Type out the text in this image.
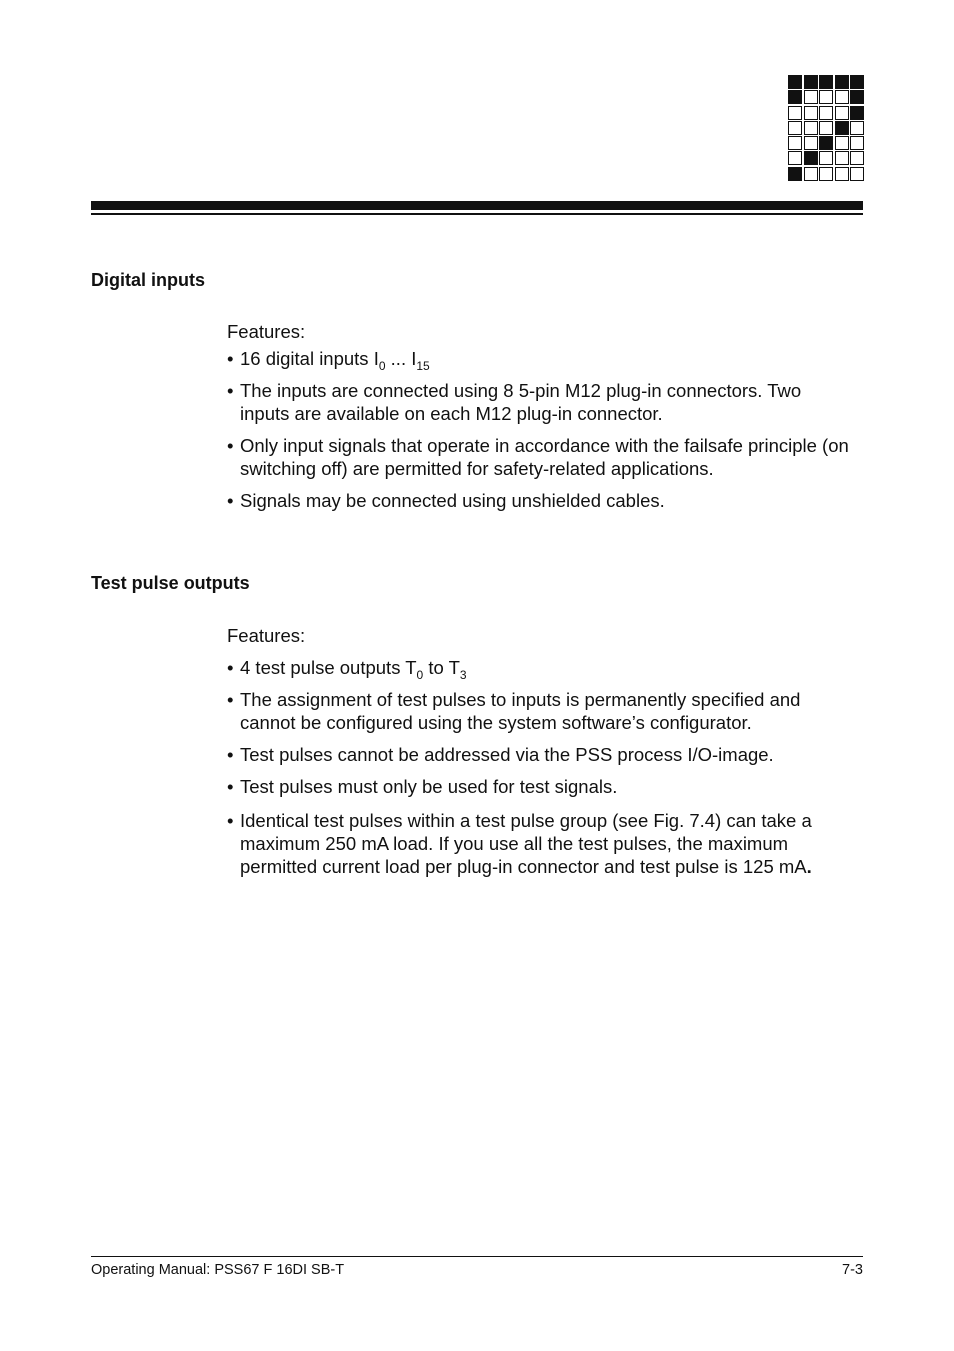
Digital inputs

Features:

• 16 digital inputs $I_0$ ... $I_{15}$
• The inputs are connected using 8 5-pin M12 plug-in connectors. Two inputs are available on each M12 plug-in connector.
• Only input signals that operate in accordance with the failsafe principle (on switching off) are permitted for safety-related applications.
• Signals may be connected using unshielded cables.
Test pulse outputs

Features:

• 4 test pulse outputs $T_0$ to $T_3$
• The assignment of test pulses to inputs is permanently specified and cannot be configured using the system software’s configurator.
• Test pulses cannot be addressed via the PSS process I/O-image.
• Test pulses must only be used for test signals.
• Identical test pulses within a test pulse group (see Fig. 7.4) can take a maximum 250 mA load. If you use all the test pulses, the maximum permitted current load per plug-in connector and test pulse is 125 mA.
Operating Manual: PSS67 F 16DI SB-T	7-3
